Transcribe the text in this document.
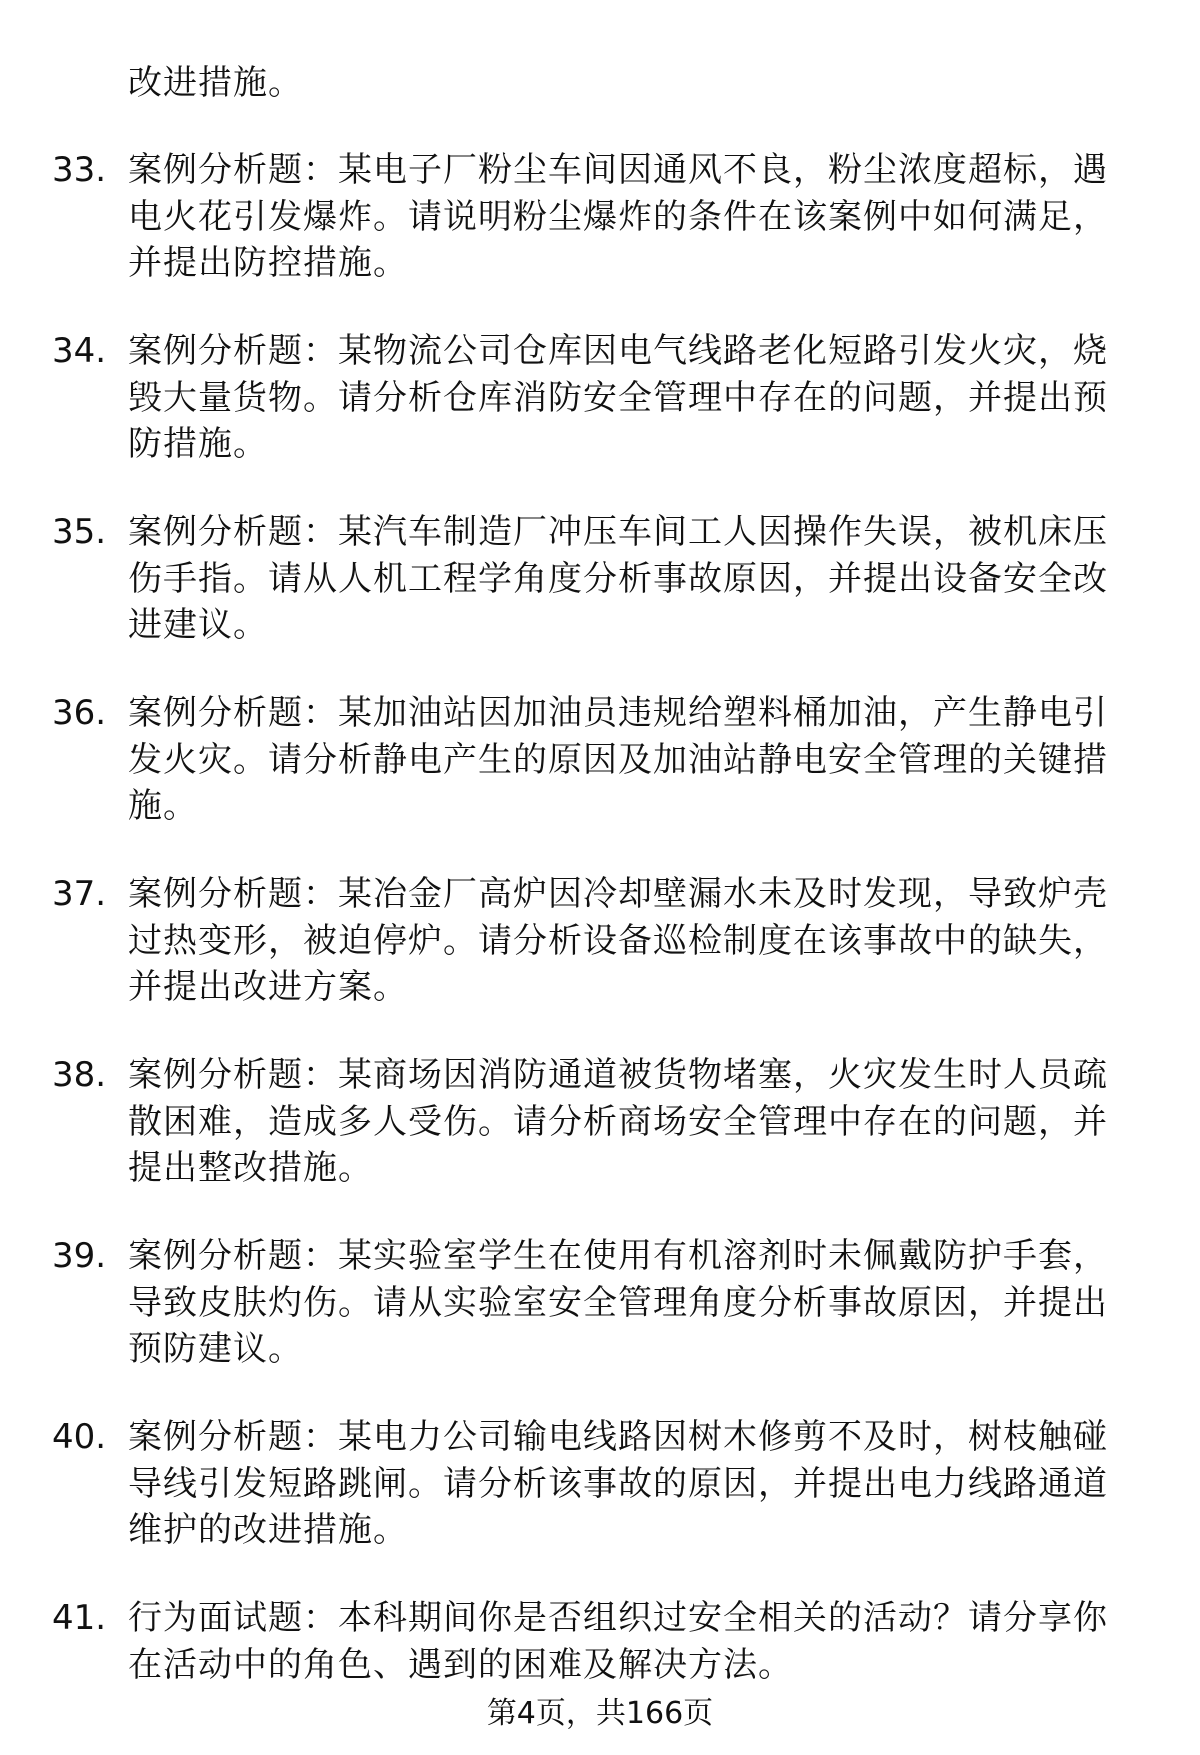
改进措施。
33. 案例分析题：某电子厂粉尘车间因通风不良，粉尘浓度超标，遇
电火花引发爆炸。请说明粉尘爆炸的条件在该案例中如何满足，
并提出防控措施。
34. 案例分析题：某物流公司仓库因电气线路老化短路引发火灾，烧
毁大量货物。请分析仓库消防安全管理中存在的问题，并提出预
防措施。
35. 案例分析题：某汽车制造厂冲压车间工人因操作失误，被机床压
伤手指。请从人机工程学角度分析事故原因，并提出设备安全改
进建议。
36. 案例分析题：某加油站因加油员违规给塑料桶加油，产生静电引
发火灾。请分析静电产生的原因及加油站静电安全管理的关键措
施。
37. 案例分析题：某冶金厂高炉因冷却壁漏水未及时发现，导致炉壳
过热变形，被迫停炉。请分析设备巡检制度在该事故中的缺失，
并提出改进方案。
38. 案例分析题：某商场因消防通道被货物堵塞，火灾发生时人员疏
散困难，造成多人受伤。请分析商场安全管理中存在的问题，并
提出整改措施。
39. 案例分析题：某实验室学生在使用有机溶剂时未佩戴防护手套，
导致皮肤灼伤。请从实验室安全管理角度分析事故原因，并提出
预防建议。
40. 案例分析题：某电力公司输电线路因树木修剪不及时，树枝触碰
导线引发短路跳闸。请分析该事故的原因，并提出电力线路通道
维护的改进措施。
41. 行为面试题：本科期间你是否组织过安全相关的活动？请分享你
在活动中的角色、遇到的困难及解决方法。
第4页，共166页
